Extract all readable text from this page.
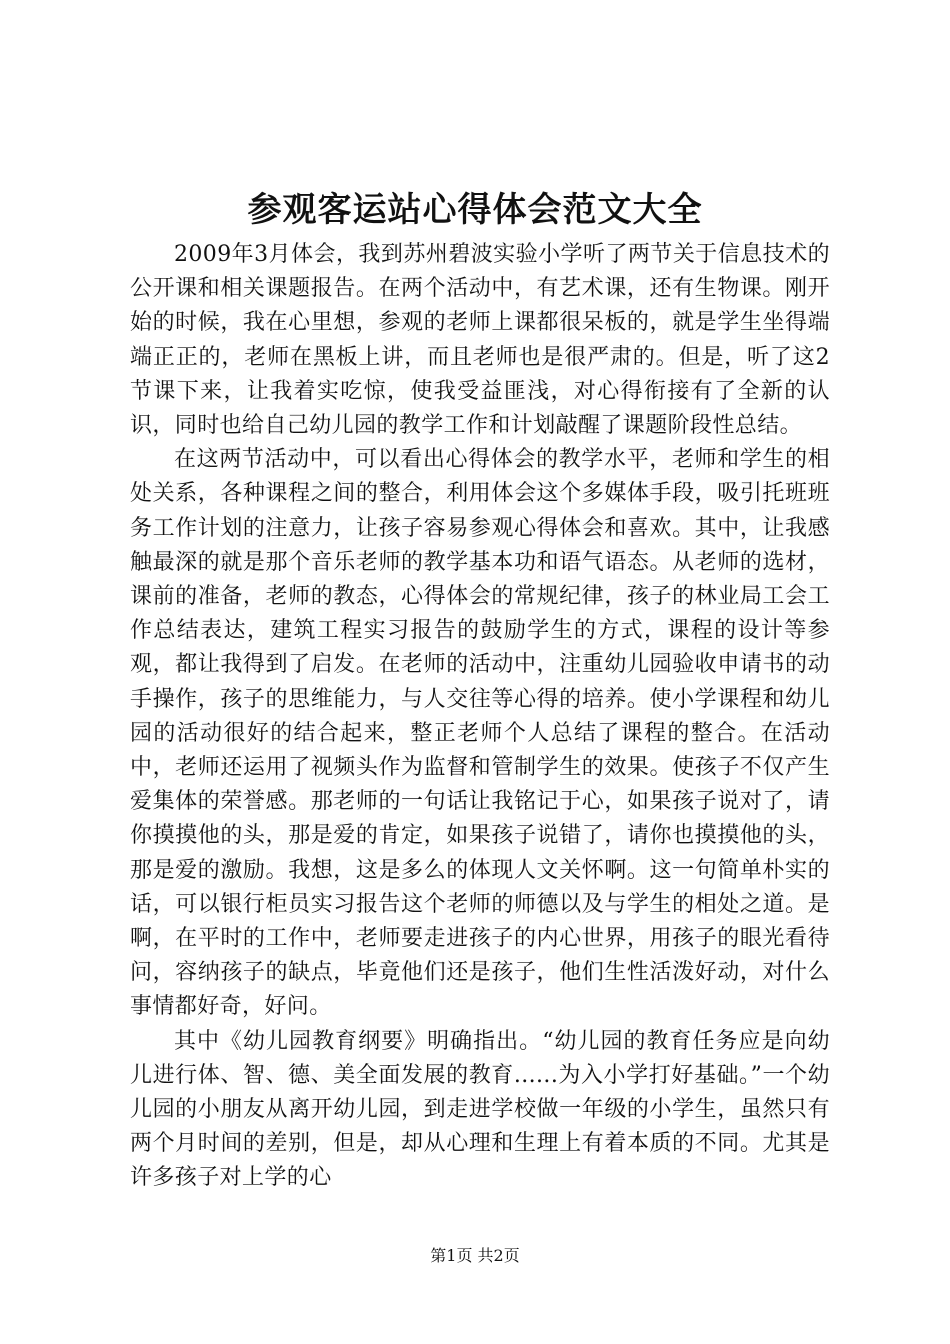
参观客运站心得体会范文大全

2009年3月体会，我到苏州碧波实验小学听了两节关于信息技术的公开课和相关课题报告。在两个活动中，有艺术课，还有生物课。刚开始的时候，我在心里想，参观的老师上课都很呆板的，就是学生坐得端端正正的，老师在黑板上讲，而且老师也是很严肃的。但是，听了这2节课下来，让我着实吃惊，使我受益匪浅，对心得衔接有了全新的认识，同时也给自己幼儿园的教学工作和计划敲醒了课题阶段性总结。

在这两节活动中，可以看出心得体会的教学水平，老师和学生的相处关系，各种课程之间的整合，利用体会这个多媒体手段，吸引托班班务工作计划的注意力，让孩子容易参观心得体会和喜欢。其中，让我感触最深的就是那个音乐老师的教学基本功和语气语态。从老师的选材，课前的准备，老师的教态，心得体会的常规纪律，孩子的林业局工会工作总结表达，建筑工程实习报告的鼓励学生的方式，课程的设计等参观，都让我得到了启发。在老师的活动中，注重幼儿园验收申请书的动手操作，孩子的思维能力，与人交往等心得的培养。使小学课程和幼儿园的活动很好的结合起来，整正老师个人总结了课程的整合。在活动中，老师还运用了视频头作为监督和管制学生的效果。使孩子不仅产生爱集体的荣誉感。那老师的一句话让我铭记于心，如果孩子说对了，请你摸摸他的头，那是爱的肯定，如果孩子说错了，请你也摸摸他的头，那是爱的激励。我想，这是多么的体现人文关怀啊。这一句简单朴实的话，可以银行柜员实习报告这个老师的师德以及与学生的相处之道。是啊，在平时的工作中，老师要走进孩子的内心世界，用孩子的眼光看待问，容纳孩子的缺点，毕竟他们还是孩子，他们生性活泼好动，对什么事情都好奇，好问。

其中《幼儿园教育纲要》明确指出。“幼儿园的教育任务应是向幼儿进行体、智、德、美全面发展的教育......为入小学打好基础。”一个幼儿园的小朋友从离开幼儿园，到走进学校做一年级的小学生，虽然只有两个月时间的差别，但是，却从心理和生理上有着本质的不同。尤其是许多孩子对上学的心

第1页 共2页
